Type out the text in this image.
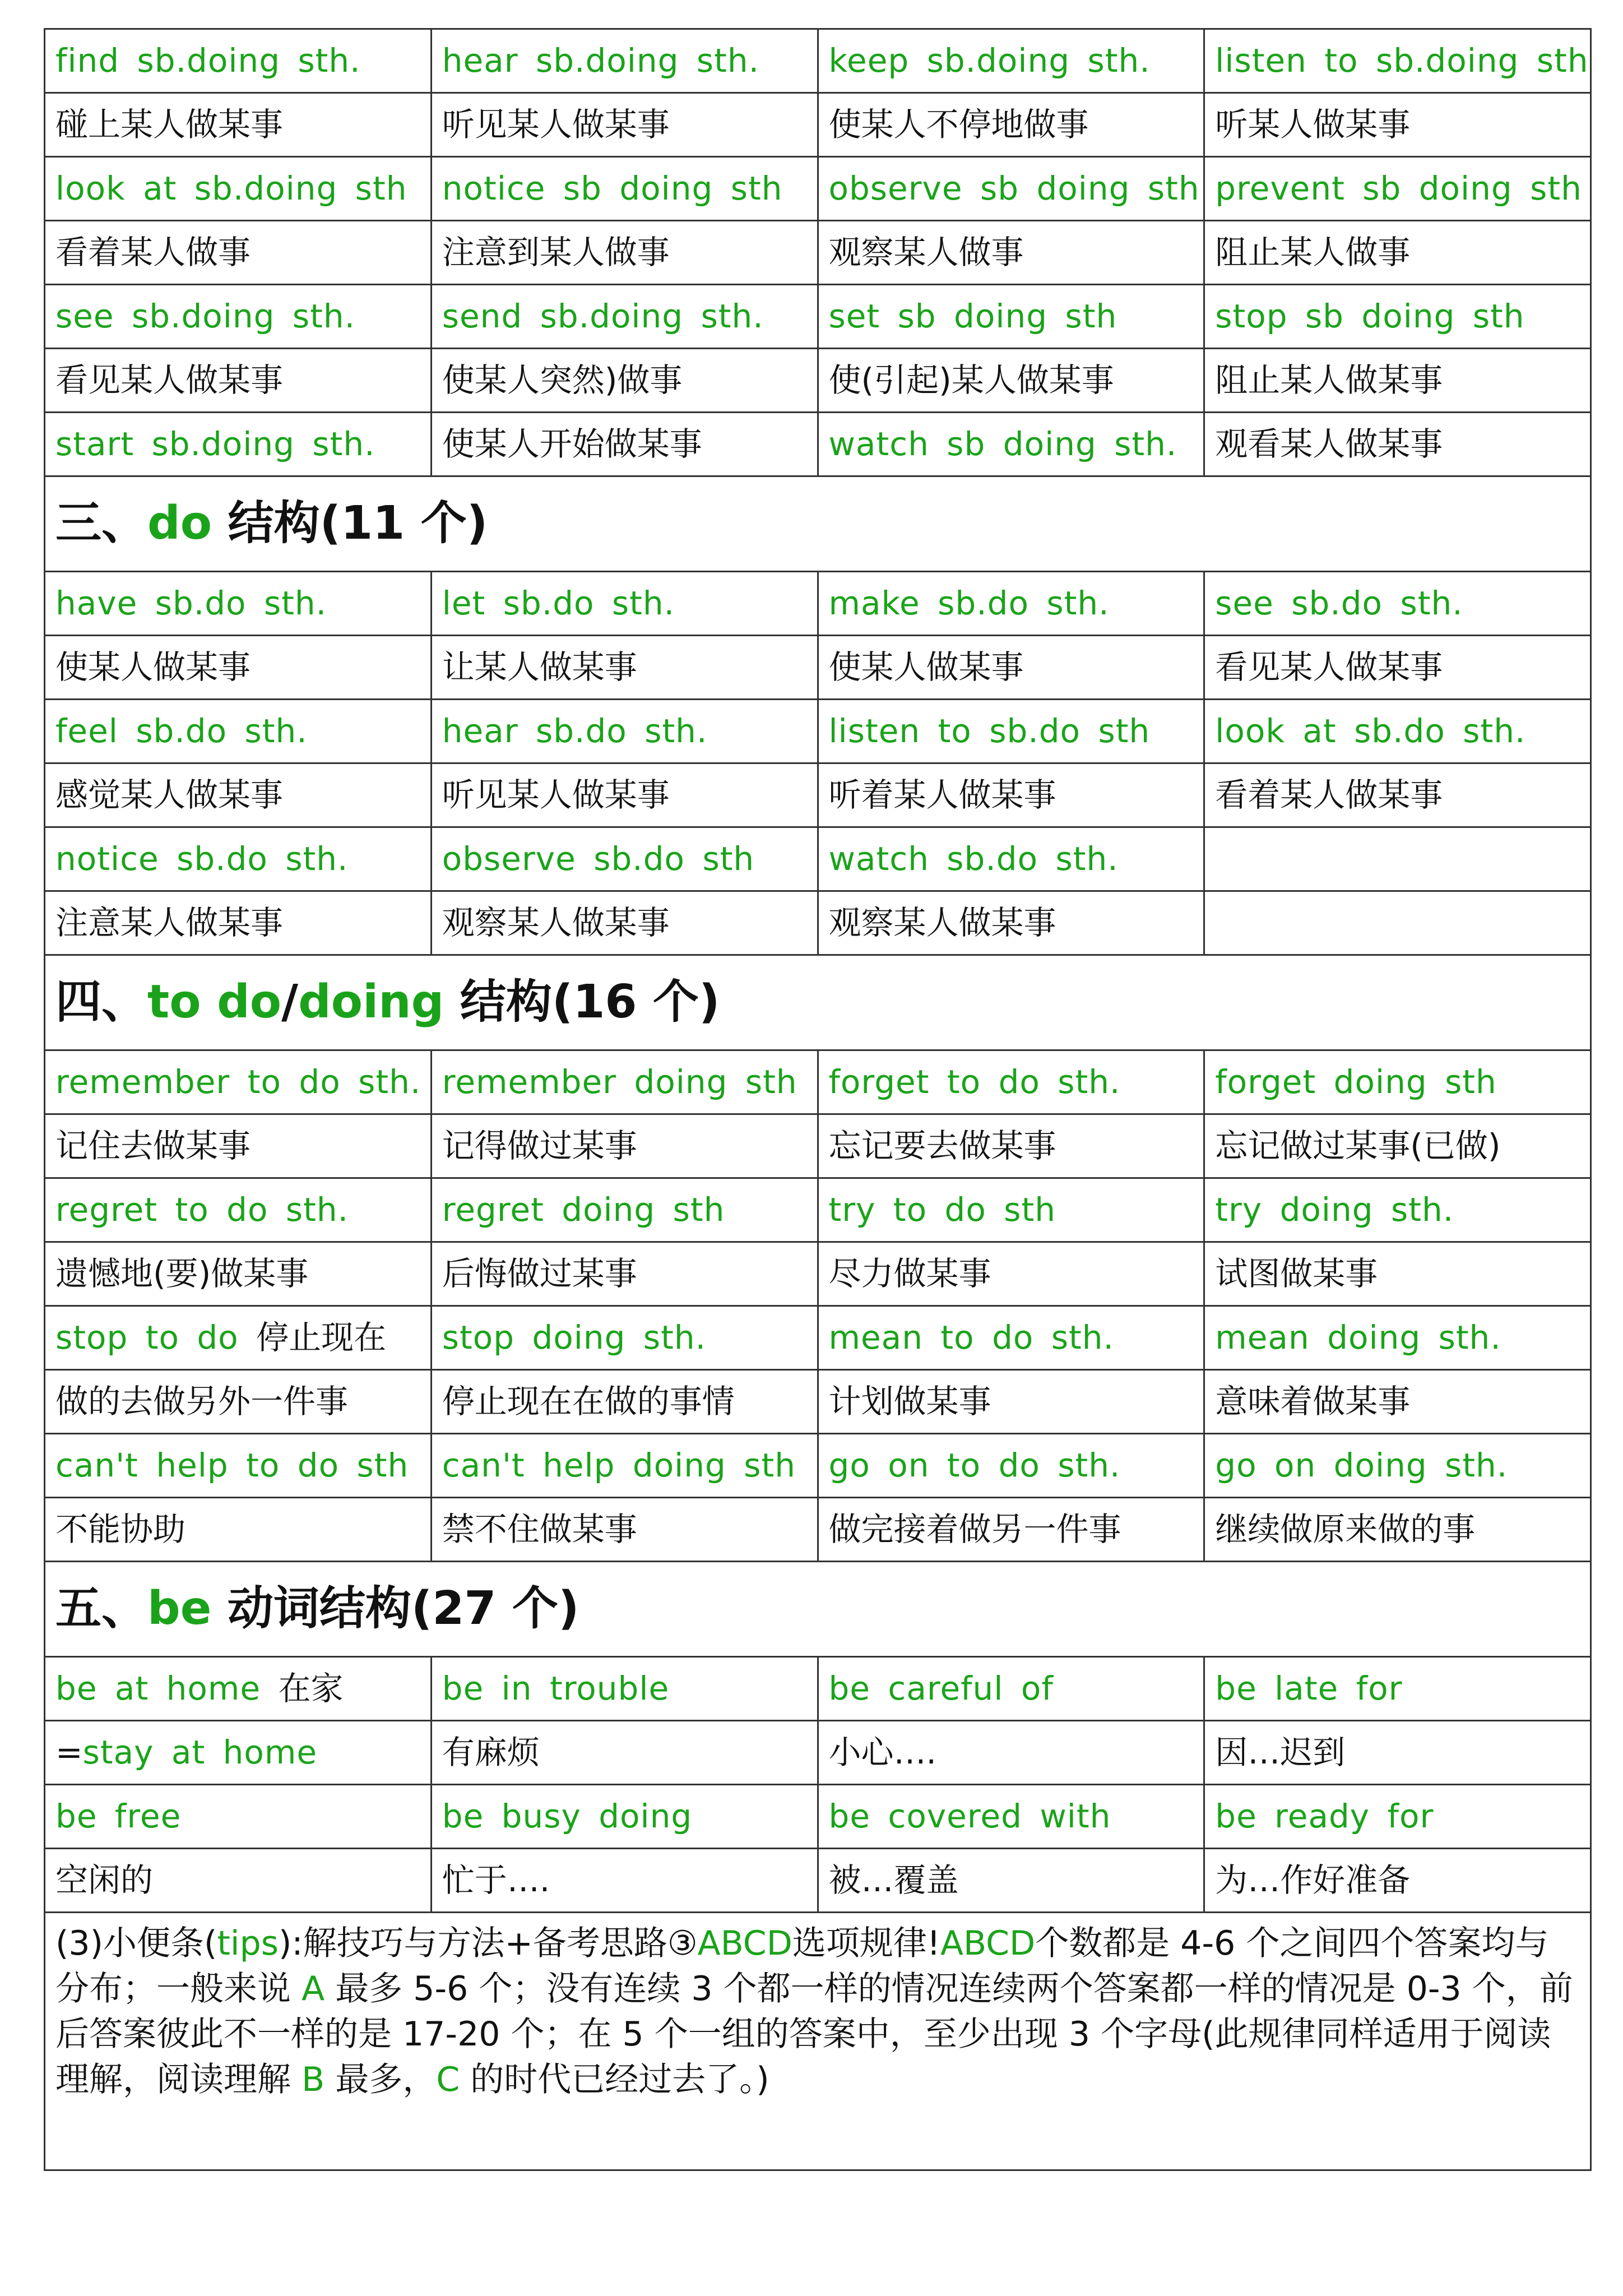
find sb.doing sth.	hear sb.doing sth.	keep sb.doing sth.	listen to sb.doing sth
碰上某人做某事	听见某人做某事	使某人不停地做事	听某人做某事
look at sb.doing sth	notice sb doing sth	observe sb doing sth	prevent sb doing sth
看着某人做事	注意到某人做事	观察某人做事	阻止某人做事
see sb.doing sth.	send sb.doing sth.	set sb doing sth	stop sb doing sth
看见某人做某事	使某人突然)做事	使(引起)某人做某事	阻止某人做某事
start sb.doing sth.	使某人开始做某事	watch sb doing sth.	观看某人做某事
三、do 结构(11 个)			
have sb.do sth.	let sb.do sth.	make sb.do sth.	see sb.do sth.
使某人做某事	让某人做某事	使某人做某事	看见某人做某事
feel sb.do sth.	hear sb.do sth.	listen to sb.do sth	look at sb.do sth.
感觉某人做某事	听见某人做某事	听着某人做某事	看着某人做某事
notice sb.do sth.	observe sb.do sth	watch sb.do sth.	
注意某人做某事	观察某人做某事	观察某人做某事	
四、to do/doing 结构(16 个)			
remember to do sth.	remember doing sth	forget to do sth.	forget doing sth
记住去做某事	记得做过某事	忘记要去做某事	忘记做过某事(已做)
regret to do sth.	regret doing sth	try to do sth	try doing sth.
遗憾地(要)做某事	后悔做过某事	尽力做某事	试图做某事
stop to do 停止现在	stop doing sth.	mean to do sth.	mean doing sth.
做的去做另外一件事	停止现在在做的事情	计划做某事	意味着做某事
can't help to do sth	can't help doing sth	go on to do sth.	go on doing sth.
不能协助	禁不住做某事	做完接着做另一件事	继续做原来做的事
五、be 动词结构(27 个)			
be at home 在家	be in trouble	be careful of	be late for
=stay at home	有麻烦	小心….	因…迟到
be free	be busy doing	be covered with	be ready for
空闲的	忙于….	被…覆盖	为…作好准备
(3)小便条(tips):解技巧与方法+备考思路③ABCD选项规律!ABCD个数都是 4-6 个之间四个答案均与分布；一般来说 A 最多 5-6 个；没有连续 3 个都一样的情况连续两个答案都一样的情况是 0-3 个，前后答案彼此不一样的是 17-20 个；在 5 个一组的答案中，至少出现 3 个字母(此规律同样适用于阅读理解，阅读理解 B 最多，C 的时代已经过去了。)			
